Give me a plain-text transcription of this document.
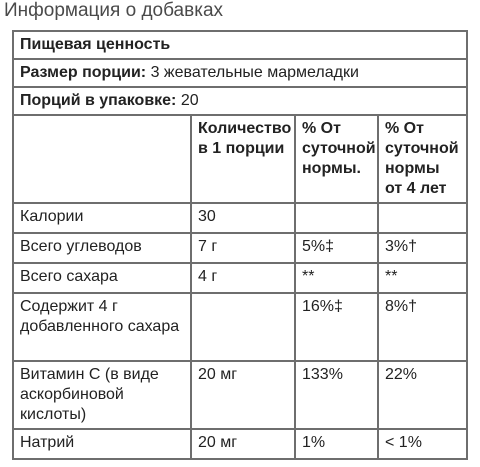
Информация о добавках
Пищевая ценность			
Размер порции: 3 жевательные мармеладки			
Порций в упаковке: 20			
	Количество в 1 порции	% От суточной нормы.	% От суточной нормы от 4 лет
Калории	30		
Всего углеводов	7 г	5%‡	3%†
Всего сахара	4 г	**	**
Содержит 4 г добавленного сахара		16%‡	8%†
Витамин С (в виде аскорбиновой кислоты)	20 мг	133%	22%
Натрий	20 мг	1%	< 1%
